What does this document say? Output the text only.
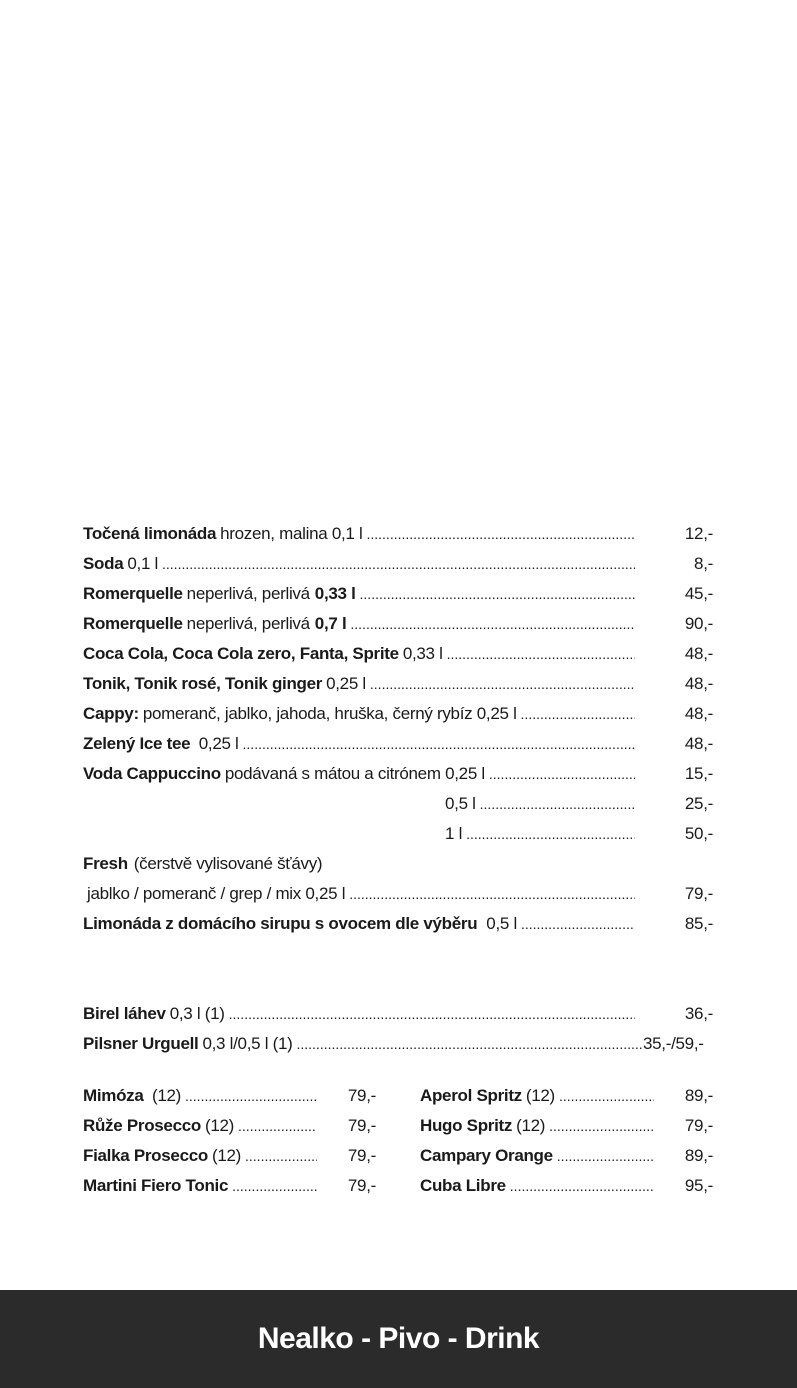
Točená limonáda hrozen, malina 0,1 l .....	12,-
Soda 0,1 l .....	8,-
Romerquelle neperlivá, perlivá 0,33 l .....	45,-
Romerquelle neperlivá, perlivá 0,7 l .....	90,-
Coca Cola, Coca Cola zero, Fanta, Sprite 0,33 l .....	48,-
Tonik, Tonik rosé, Tonik ginger 0,25 l .....	48,-
Cappy: pomeranč, jablko, jahoda, hruška, černý rybíz 0,25 l .....	48,-
Zelený Ice tee 0,25 l .....	48,-
Voda Cappuccino podávaná s mátou a citrónem 0,25 l .....	15,-
0,5 l .....	25,-
1 l .....	50,-
Fresh (čerstvě vylisované šťávy)
jablko / pomeranč / grep / mix 0,25 l .....	79,-
Limonáda z domácího sirupu s ovocem dle výběru 0,5 l .....	85,-
Birel láhev 0,3 l (1) .....	36,-
Pilsner Urguell 0,3 l/0,5 l (1) .....	35,-/59,-
Mimóza (12) .....	79,-
Růže Prosecco (12) .....	79,-
Fialka Prosecco (12) .....	79,-
Martini Fiero Tonic .....	79,-
Aperol Spritz (12) .....	89,-
Hugo Spritz (12) .....	79,-
Campary Orange .....	89,-
Cuba Libre .....	95,-
Nealko - Pivo - Drink
